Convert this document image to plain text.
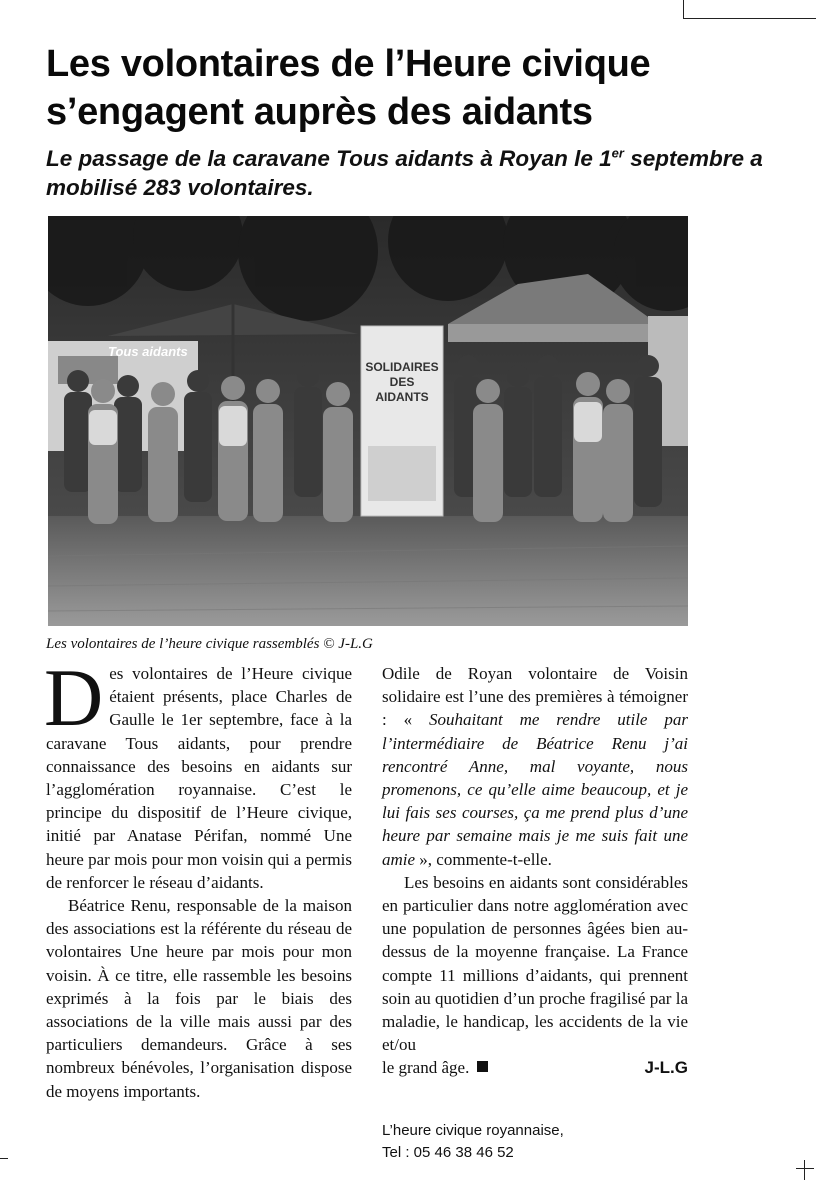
Les volontaires de l’Heure civique
s’engagent auprès des aidants

Le passage de la caravane Tous aidants à Royan le 1er septembre a mobilisé 283 volontaires.

Tous aidants
SOLIDAIRES
DES
AIDANTS

Les volontaires de l’heure civique rassemblés © J-L.G

Des volontaires de l’Heure civique étaient présents, place Charles de Gaulle le 1er septembre, face à la caravane Tous aidants, pour prendre connaissance des besoins en aidants sur l’agglomération royannaise. C’est le principe du dispositif de l’Heure civique, initié par Anatase Périfan, nommé Une heure par mois pour mon voisin qui a permis de renforcer le réseau d’aidants.

Béatrice Renu, responsable de la maison des associations est la référente du réseau de volontaires Une heure par mois pour mon voisin. À ce titre, elle rassemble les besoins exprimés à la fois par le biais des associations de la ville mais aussi par des particuliers demandeurs. Grâce à ses nombreux bénévoles, l’organisation dispose de moyens importants.

Odile de Royan volontaire de Voisin solidaire est l’une des premières à témoigner : « Souhaitant me rendre utile par l’intermédiaire de Béatrice Renu j’ai rencontré Anne, mal voyante, nous promenons, ce qu’elle aime beaucoup, et je lui fais ses courses, ça me prend plus d’une heure par semaine mais je me suis fait une amie », commente-t-elle.

Les besoins en aidants sont considérables en particulier dans notre agglomération avec une population de personnes âgées bien au-dessus de la moyenne française. La France compte 11 millions d’aidants, qui prennent soin au quotidien d’un proche fragilisé par la maladie, le handicap, les accidents de la vie et/ou

le grand âge.	J-L.G
L’heure civique royannaise,
Tel : 05 46 38 46 52
